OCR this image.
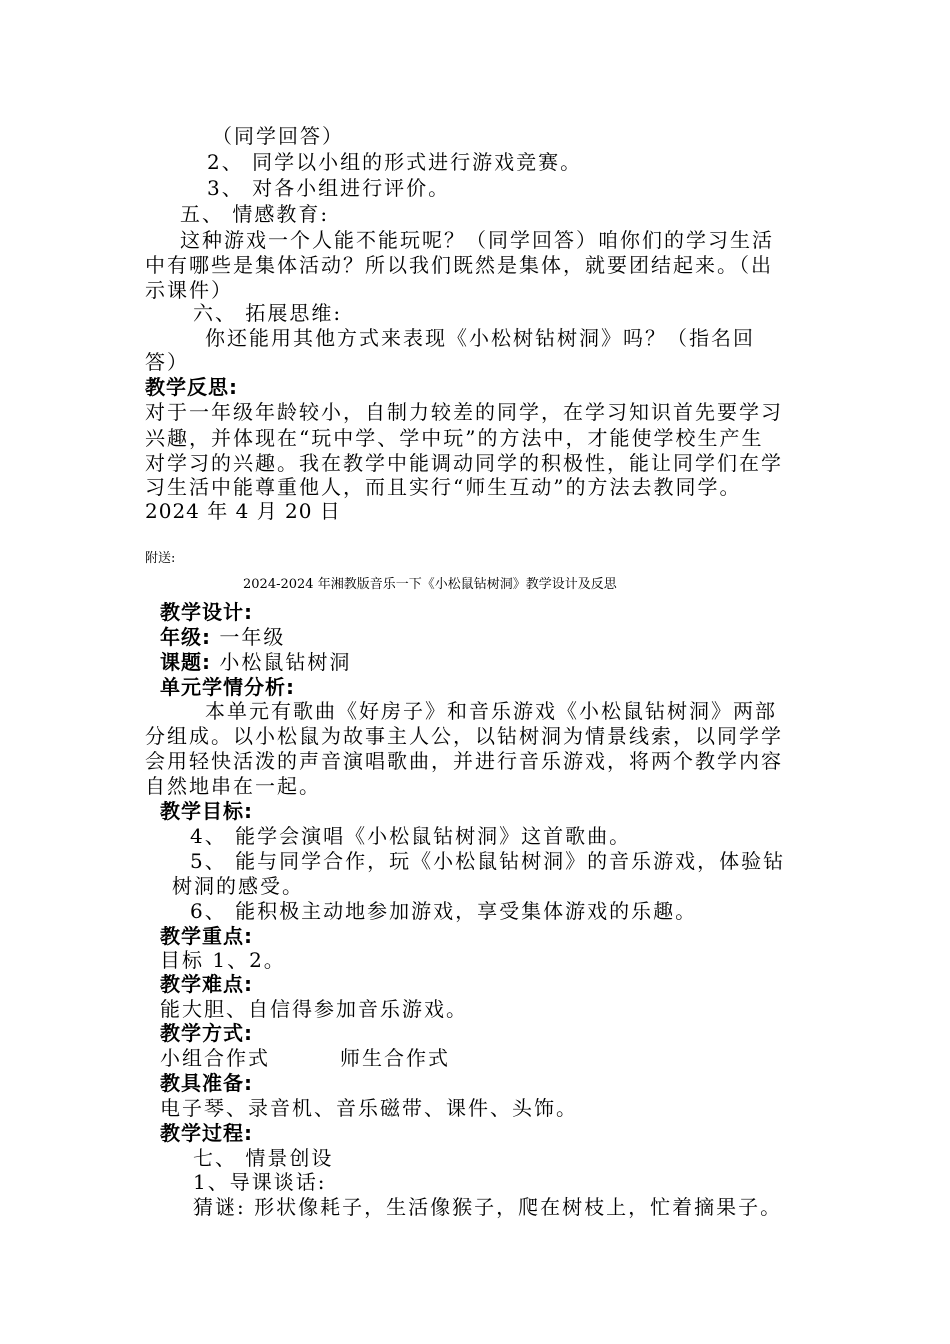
（同学回答）
2、 同学以小组的形式进行游戏竞赛。
3、 对各小组进行评价。
五、 情感教育:
这种游戏一个人能不能玩呢？（同学回答）咱你们的学习生活
中有哪些是集体活动？所以我们既然是集体，就要团结起来。（出
示课件）
六、 拓展思维:
你还能用其他方式来表现《小松树钻树洞》吗？（指名回
答）
教学反思:
对于一年级年龄较小，自制力较差的同学，在学习知识首先要学习
兴趣，并体现在“玩中学、学中玩”的方法中，才能使学校生产生
对学习的兴趣。我在教学中能调动同学的积极性，能让同学们在学
习生活中能尊重他人，而且实行“师生互动”的方法去教同学。
2024 年 4 月 20 日
附送:
2024-2024 年湘教版音乐一下《小松鼠钻树洞》教学设计及反思
教学设计:
年级: 一年级
课题: 小松鼠钻树洞
单元学情分析:
本单元有歌曲《好房子》和音乐游戏《小松鼠钻树洞》两部
分组成。以小松鼠为故事主人公，以钻树洞为情景线索，以同学学
会用轻快活泼的声音演唱歌曲，并进行音乐游戏，将两个教学内容
自然地串在一起。
教学目标:
4、 能学会演唱《小松鼠钻树洞》这首歌曲。
5、 能与同学合作，玩《小松鼠钻树洞》的音乐游戏，体验钻
树洞的感受。
6、 能积极主动地参加游戏，享受集体游戏的乐趣。
教学重点:
目标 1、2。
教学难点:
能大胆、自信得参加音乐游戏。
教学方式:
小组合作式	师生合作式
教具准备:
电子琴、录音机、音乐磁带、课件、头饰。
教学过程:
七、 情景创设
1、导课谈话:
猜谜: 形状像耗子，生活像猴子，爬在树枝上，忙着摘果子。
